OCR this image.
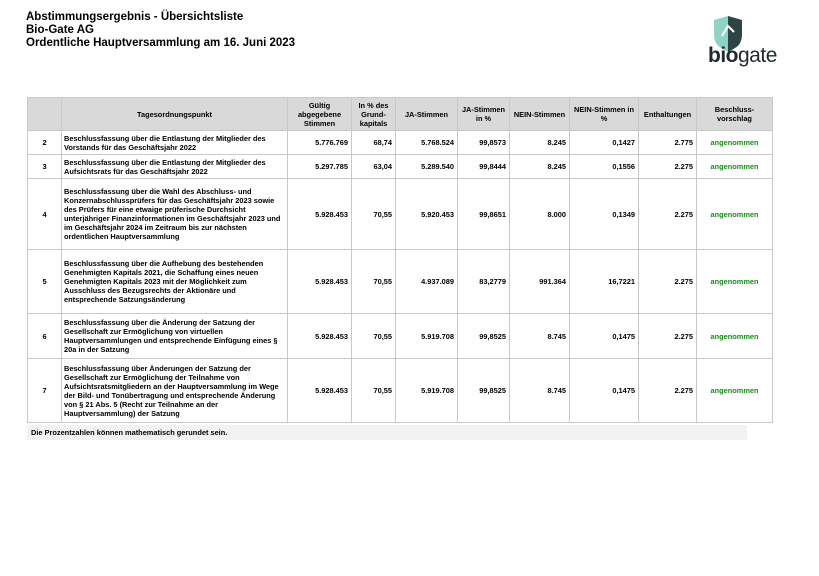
Abstimmungsergebnis - Übersichtsliste
Bio-Gate AG
Ordentliche Hauptversammlung am 16. Juni 2023
biogate
	Tagesordnungspunkt	Gültig abgegebene Stimmen	In % des Grund-kapitals	JA-Stimmen	JA-Stimmen in %	NEIN-Stimmen	NEIN-Stimmen in %	Enthaltungen	Beschluss-vorschlag
2	Beschlussfassung über die Entlastung der Mitglieder des Vorstands für das Geschäftsjahr 2022	5.776.769	68,74	5.768.524	99,8573	8.245	0,1427	2.775	angenommen
3	Beschlussfassung über die Entlastung der Mitglieder des Aufsichtsrats für das Geschäftsjahr 2022	5.297.785	63,04	5.289.540	99,8444	8.245	0,1556	2.275	angenommen
4	Beschlussfassung über die Wahl des Abschluss- und Konzernabschlussprüfers für das Geschäftsjahr 2023 sowie des Prüfers für eine etwaige prüferische Durchsicht unterjähriger Finanzinformationen im Geschäftsjahr 2023 und im Geschäftsjahr 2024 im Zeitraum bis zur nächsten ordentlichen Hauptversammlung	5.928.453	70,55	5.920.453	99,8651	8.000	0,1349	2.275	angenommen
5	Beschlussfassung über die Aufhebung des bestehenden Genehmigten Kapitals 2021, die Schaffung eines neuen Genehmigten Kapitals 2023 mit der Möglichkeit zum Ausschluss des Bezugsrechts der Aktionäre und entsprechende Satzungsänderung	5.928.453	70,55	4.937.089	83,2779	991.364	16,7221	2.275	angenommen
6	Beschlussfassung über die Änderung der Satzung der Gesellschaft zur Ermöglichung von virtuellen Hauptversammlungen und entsprechende Einfügung eines § 20a in der Satzung	5.928.453	70,55	5.919.708	99,8525	8.745	0,1475	2.275	angenommen
7	Beschlussfassung über Änderungen der Satzung der Gesellschaft zur Ermöglichung der Teilnahme von Aufsichtsratsmitgliedern an der Hauptversammlung im Wege der Bild- und Tonübertragung und entsprechende Änderung von § 21 Abs. 5 (Recht zur Teilnahme an der Hauptversammlung) der Satzung	5.928.453	70,55	5.919.708	99,8525	8.745	0,1475	2.275	angenommen
Die Prozentzahlen können mathematisch gerundet sein.
